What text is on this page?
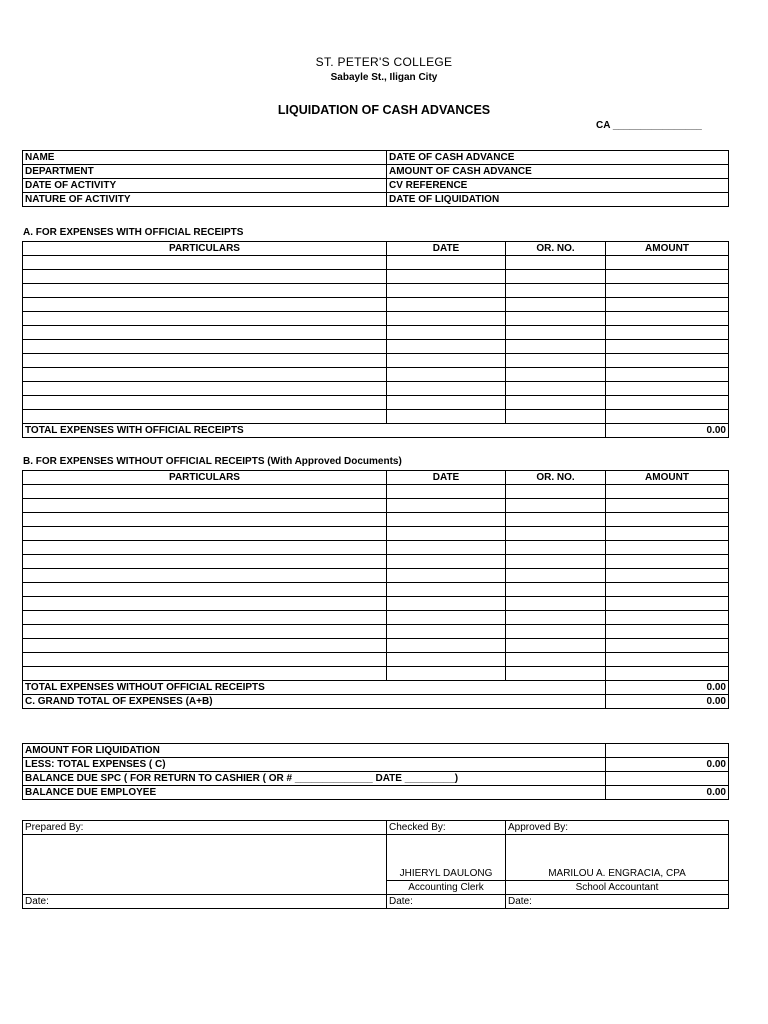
ST. PETER'S COLLEGE
Sabayle St., Iligan City
LIQUIDATION OF CASH ADVANCES
CA ________________
NAME	DATE OF CASH ADVANCE
DEPARTMENT	AMOUNT OF CASH ADVANCE
DATE OF ACTIVITY	CV REFERENCE
NATURE OF ACTIVITY	DATE OF LIQUIDATION
A. FOR EXPENSES WITH OFFICIAL RECEIPTS
PARTICULARS	DATE	OR. NO.	AMOUNT

TOTAL EXPENSES WITH OFFICIAL RECEIPTS			0.00
B. FOR EXPENSES WITHOUT OFFICIAL RECEIPTS (With Approved Documents)
PARTICULARS	DATE	OR. NO.	AMOUNT

TOTAL EXPENSES WITHOUT OFFICIAL RECEIPTS			0.00
C. GRAND TOTAL OF EXPENSES (A+B)			0.00
AMOUNT FOR LIQUIDATION	
LESS: TOTAL EXPENSES ( C)	0.00
BALANCE DUE SPC ( FOR RETURN TO CASHIER ( OR # ______________ DATE _________)	
BALANCE DUE EMPLOYEE	0.00
Prepared By:	Checked By:	Approved By:
	JHIERYL DAULONG	MARILOU A. ENGRACIA, CPA
	Accounting Clerk	School Accountant
Date:	Date:	Date:
